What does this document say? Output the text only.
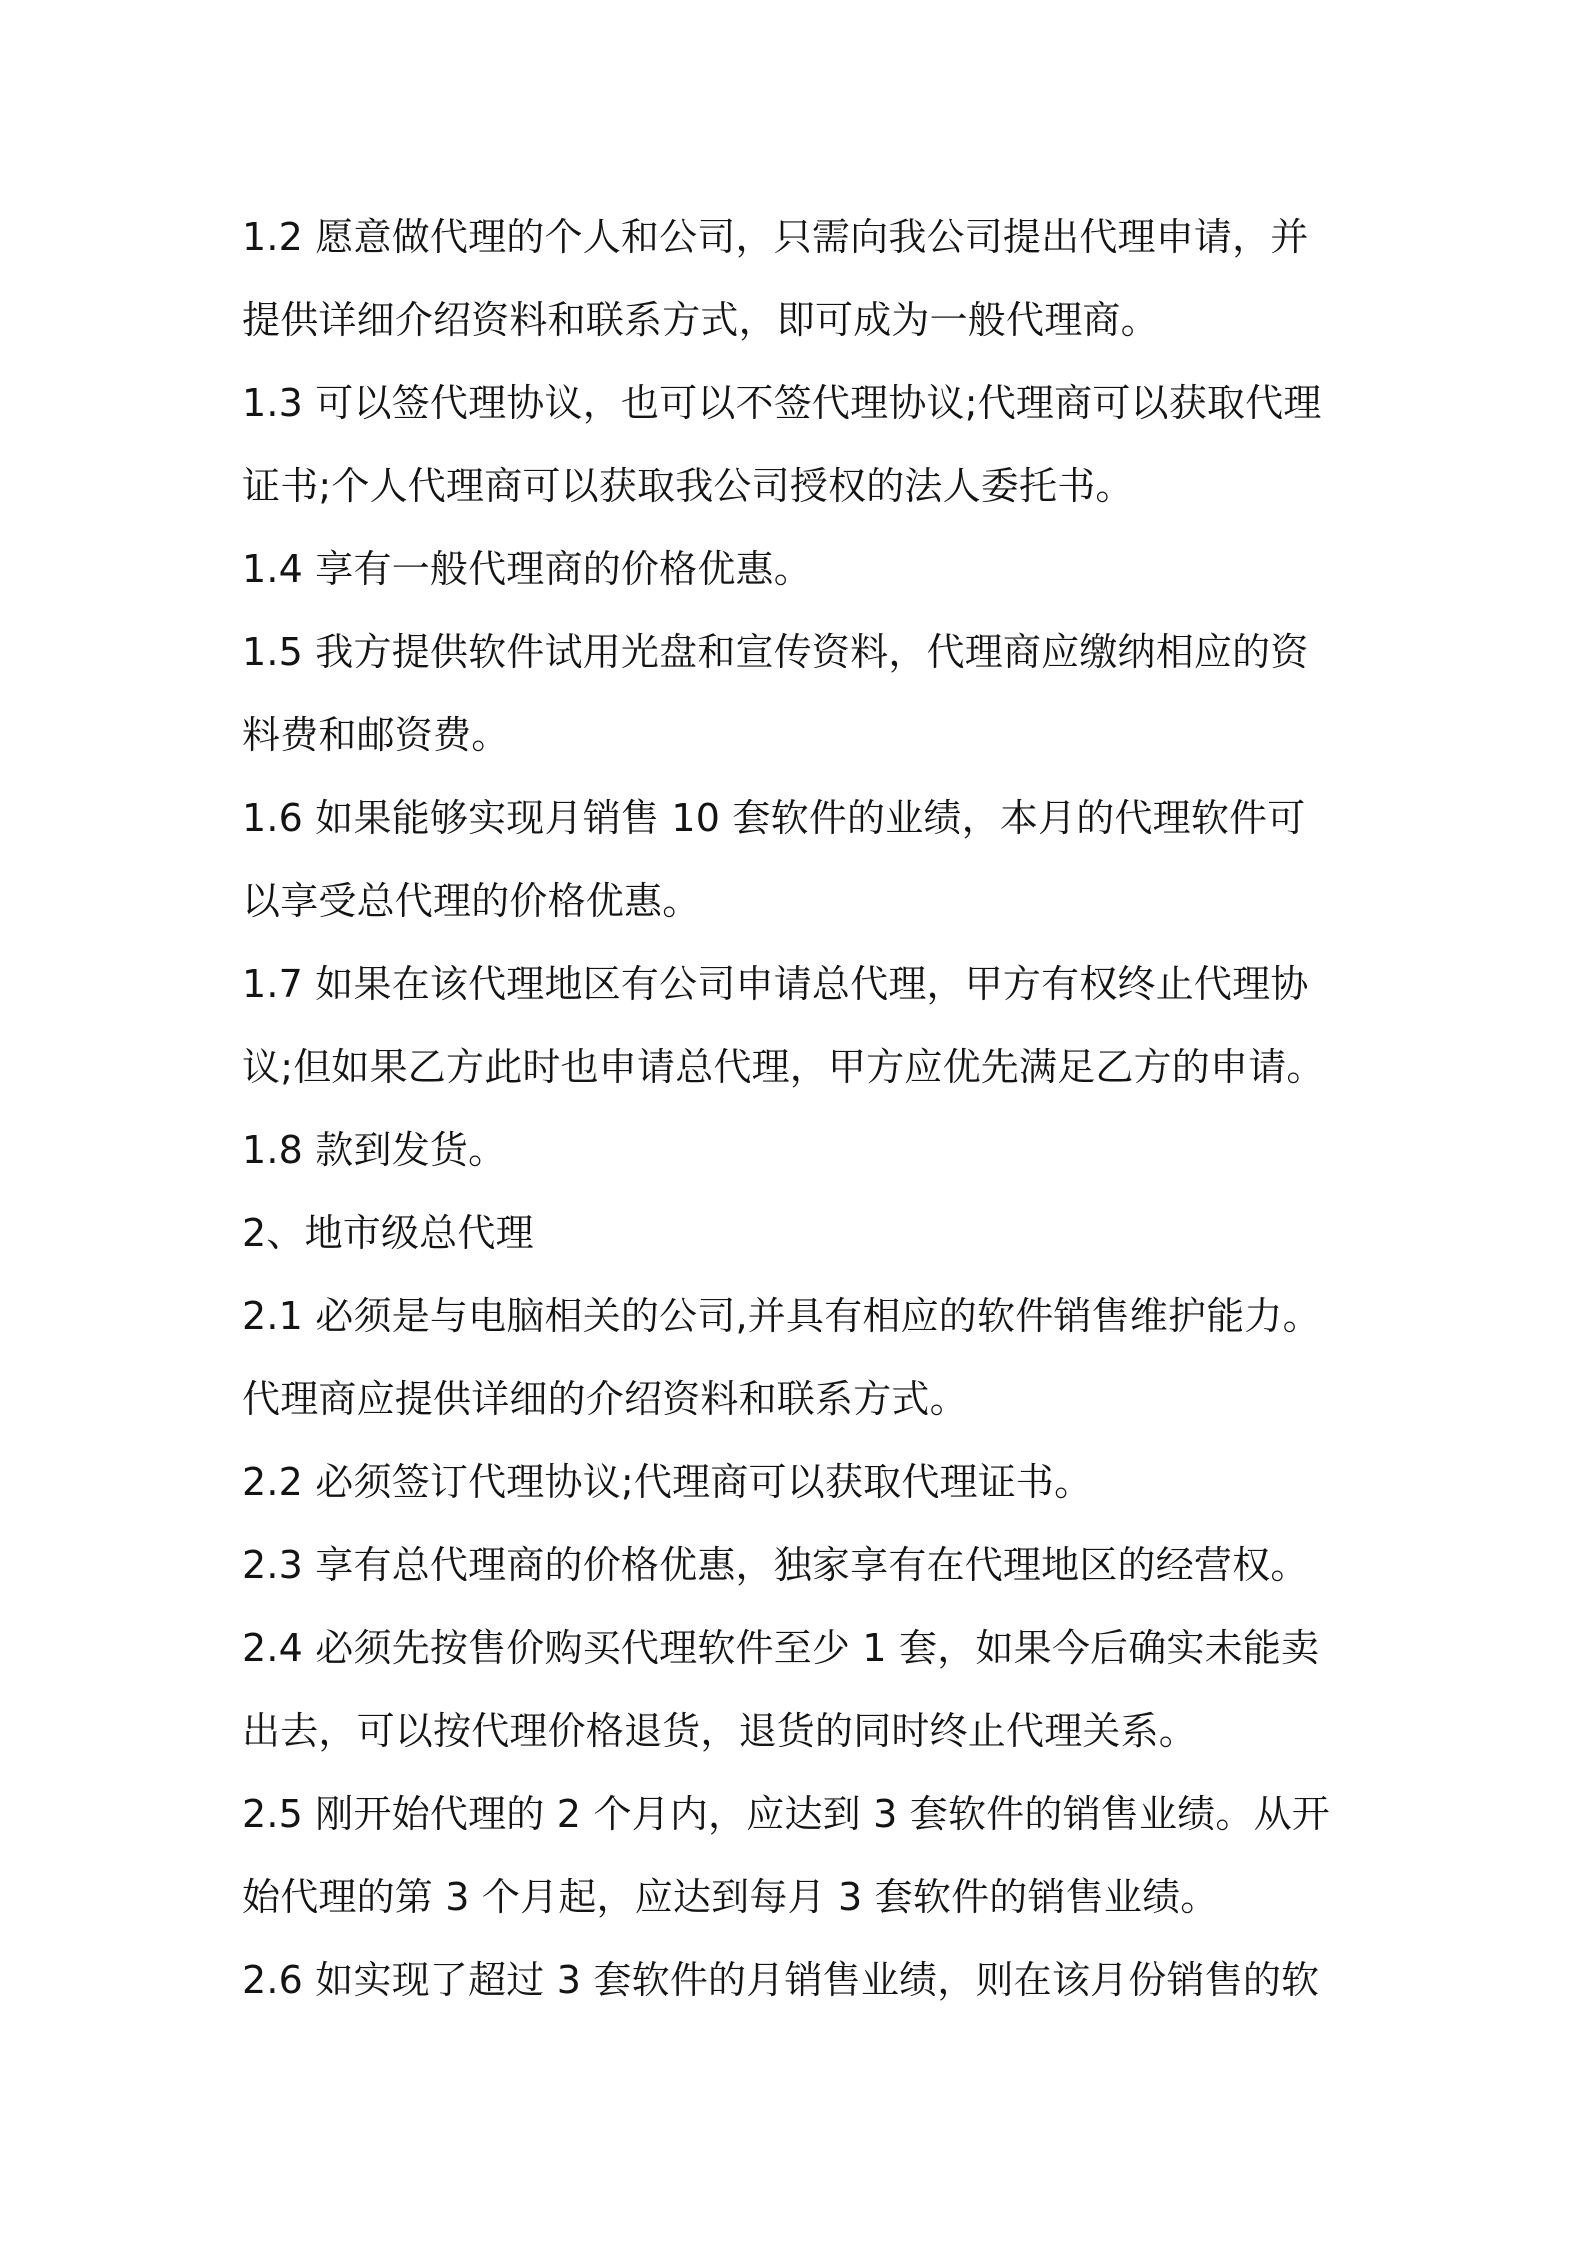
1.2 愿意做代理的个人和公司，只需向我公司提出代理申请，并
提供详细介绍资料和联系方式，即可成为一般代理商。

1.3 可以签代理协议，也可以不签代理协议;代理商可以获取代理
证书;个人代理商可以获取我公司授权的法人委托书。

1.4 享有一般代理商的价格优惠。

1.5 我方提供软件试用光盘和宣传资料，代理商应缴纳相应的资
料费和邮资费。

1.6 如果能够实现月销售 10 套软件的业绩，本月的代理软件可
以享受总代理的价格优惠。

1.7 如果在该代理地区有公司申请总代理，甲方有权终止代理协
议;但如果乙方此时也申请总代理，甲方应优先满足乙方的申请。

1.8 款到发货。

2、地市级总代理

2.1 必须是与电脑相关的公司,并具有相应的软件销售维护能力。
代理商应提供详细的介绍资料和联系方式。

2.2 必须签订代理协议;代理商可以获取代理证书。

2.3 享有总代理商的价格优惠，独家享有在代理地区的经营权。

2.4 必须先按售价购买代理软件至少 1 套，如果今后确实未能卖
出去，可以按代理价格退货，退货的同时终止代理关系。

2.5 刚开始代理的 2 个月内，应达到 3 套软件的销售业绩。从开
始代理的第 3 个月起，应达到每月 3 套软件的销售业绩。

2.6 如实现了超过 3 套软件的月销售业绩，则在该月份销售的软
